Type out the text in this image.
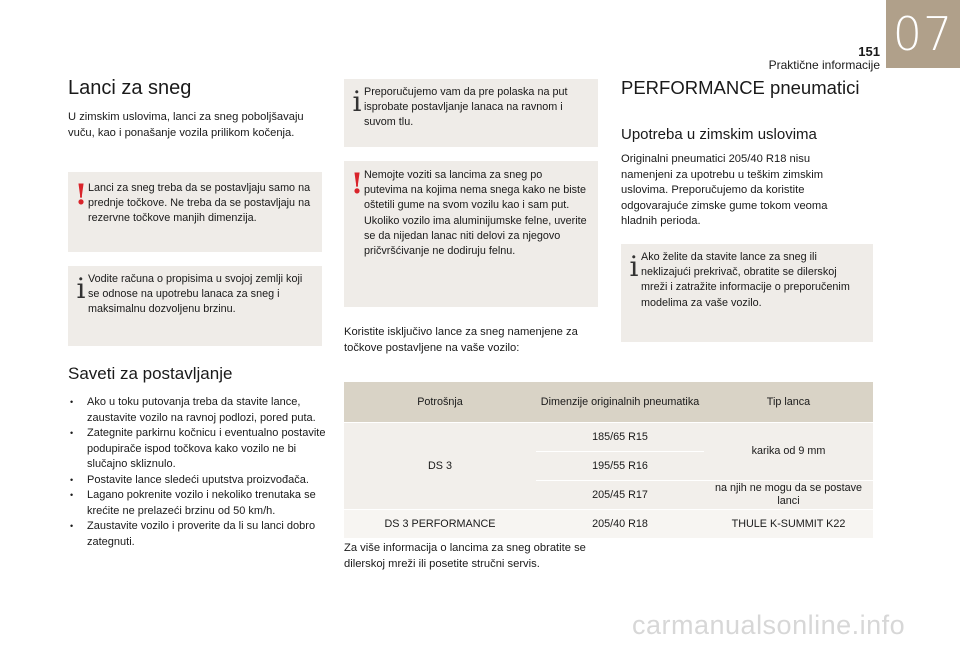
07
151
Praktične informacije
Lanci za sneg

U zimskim uslovima, lanci za sneg poboljšavaju vuču, kao i ponašanje vozila prilikom kočenja.

! Lanci za sneg treba da se postavljaju samo na prednje točkove. Ne treba da se postavljaju na rezervne točkove manjih dimenzija.
i Vodite računa o propisima u svojoj zemlji koji se odnose na upotrebu lanaca za sneg i maksimalnu dozvoljenu brzinu.
Saveti za postavljanje
• Ako u toku putovanja treba da stavite lance, zaustavite vozilo na ravnoj podlozi, pored puta.
• Zategnite parkirnu kočnicu i eventualno postavite podupirače ispod točkova kako vozilo ne bi slučajno skliznulo.
• Postavite lance sledeći uputstva proizvođača.
• Lagano pokrenite vozilo i nekoliko trenutaka se krećite ne prelazeći brzinu od 50 km/h.
• Zaustavite vozilo i proverite da li su lanci dobro zategnuti.
i Preporučujemo vam da pre polaska na put isprobate postavljanje lanaca na ravnom i suvom tlu.
! Nemojte voziti sa lancima za sneg po putevima na kojima nema snega kako ne biste oštetili gume na svom vozilu kao i sam put. Ukoliko vozilo ima aluminijumske felne, uverite se da nijedan lanac niti delovi za njegovo pričvršćivanje ne dodiruju felnu.

Koristite isključivo lance za sneg namenjene za točkove postavljene na vaše vozilo:

Potrošnja	Dimenzije originalnih pneumatika	Tip lanca
DS 3	185/65 R15	karika od 9 mm
	195/55 R16	
	205/45 R17	na njih ne mogu da se postave lanci
DS 3 PERFORMANCE	205/40 R18	THULE K-SUMMIT K22

Za više informacija o lancima za sneg obratite se dilerskoj mreži ili posetite stručni servis.

PERFORMANCE pneumatici
Upotreba u zimskim uslovima

Originalni pneumatici 205/40 R18 nisu namenjeni za upotrebu u teškim zimskim uslovima. Preporučujemo da koristite odgovarajuće zimske gume tokom veoma hladnih perioda.

i Ako želite da stavite lance za sneg ili neklizajući prekrivač, obratite se dilerskoj mreži i zatražite informacije o preporučenim modelima za vaše vozilo.
carmanualsonline.info
